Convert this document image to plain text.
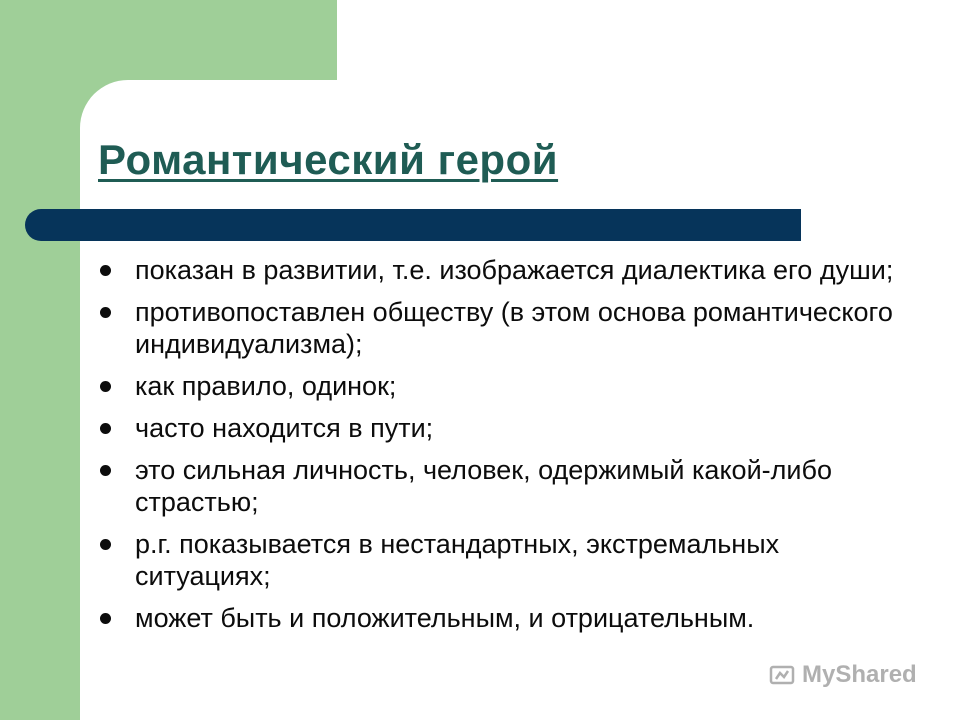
Романтический герой
показан в развитии, т.е. изображается диалектика его души;
противопоставлен обществу (в этом основа романтического индивидуализма);
как правило, одинок;
часто находится в пути;
это сильная личность, человек, одержимый какой-либо страстью;
р.г. показывается в нестандартных, экстремальных ситуациях;
может быть и положительным, и отрицательным.
MyShared
